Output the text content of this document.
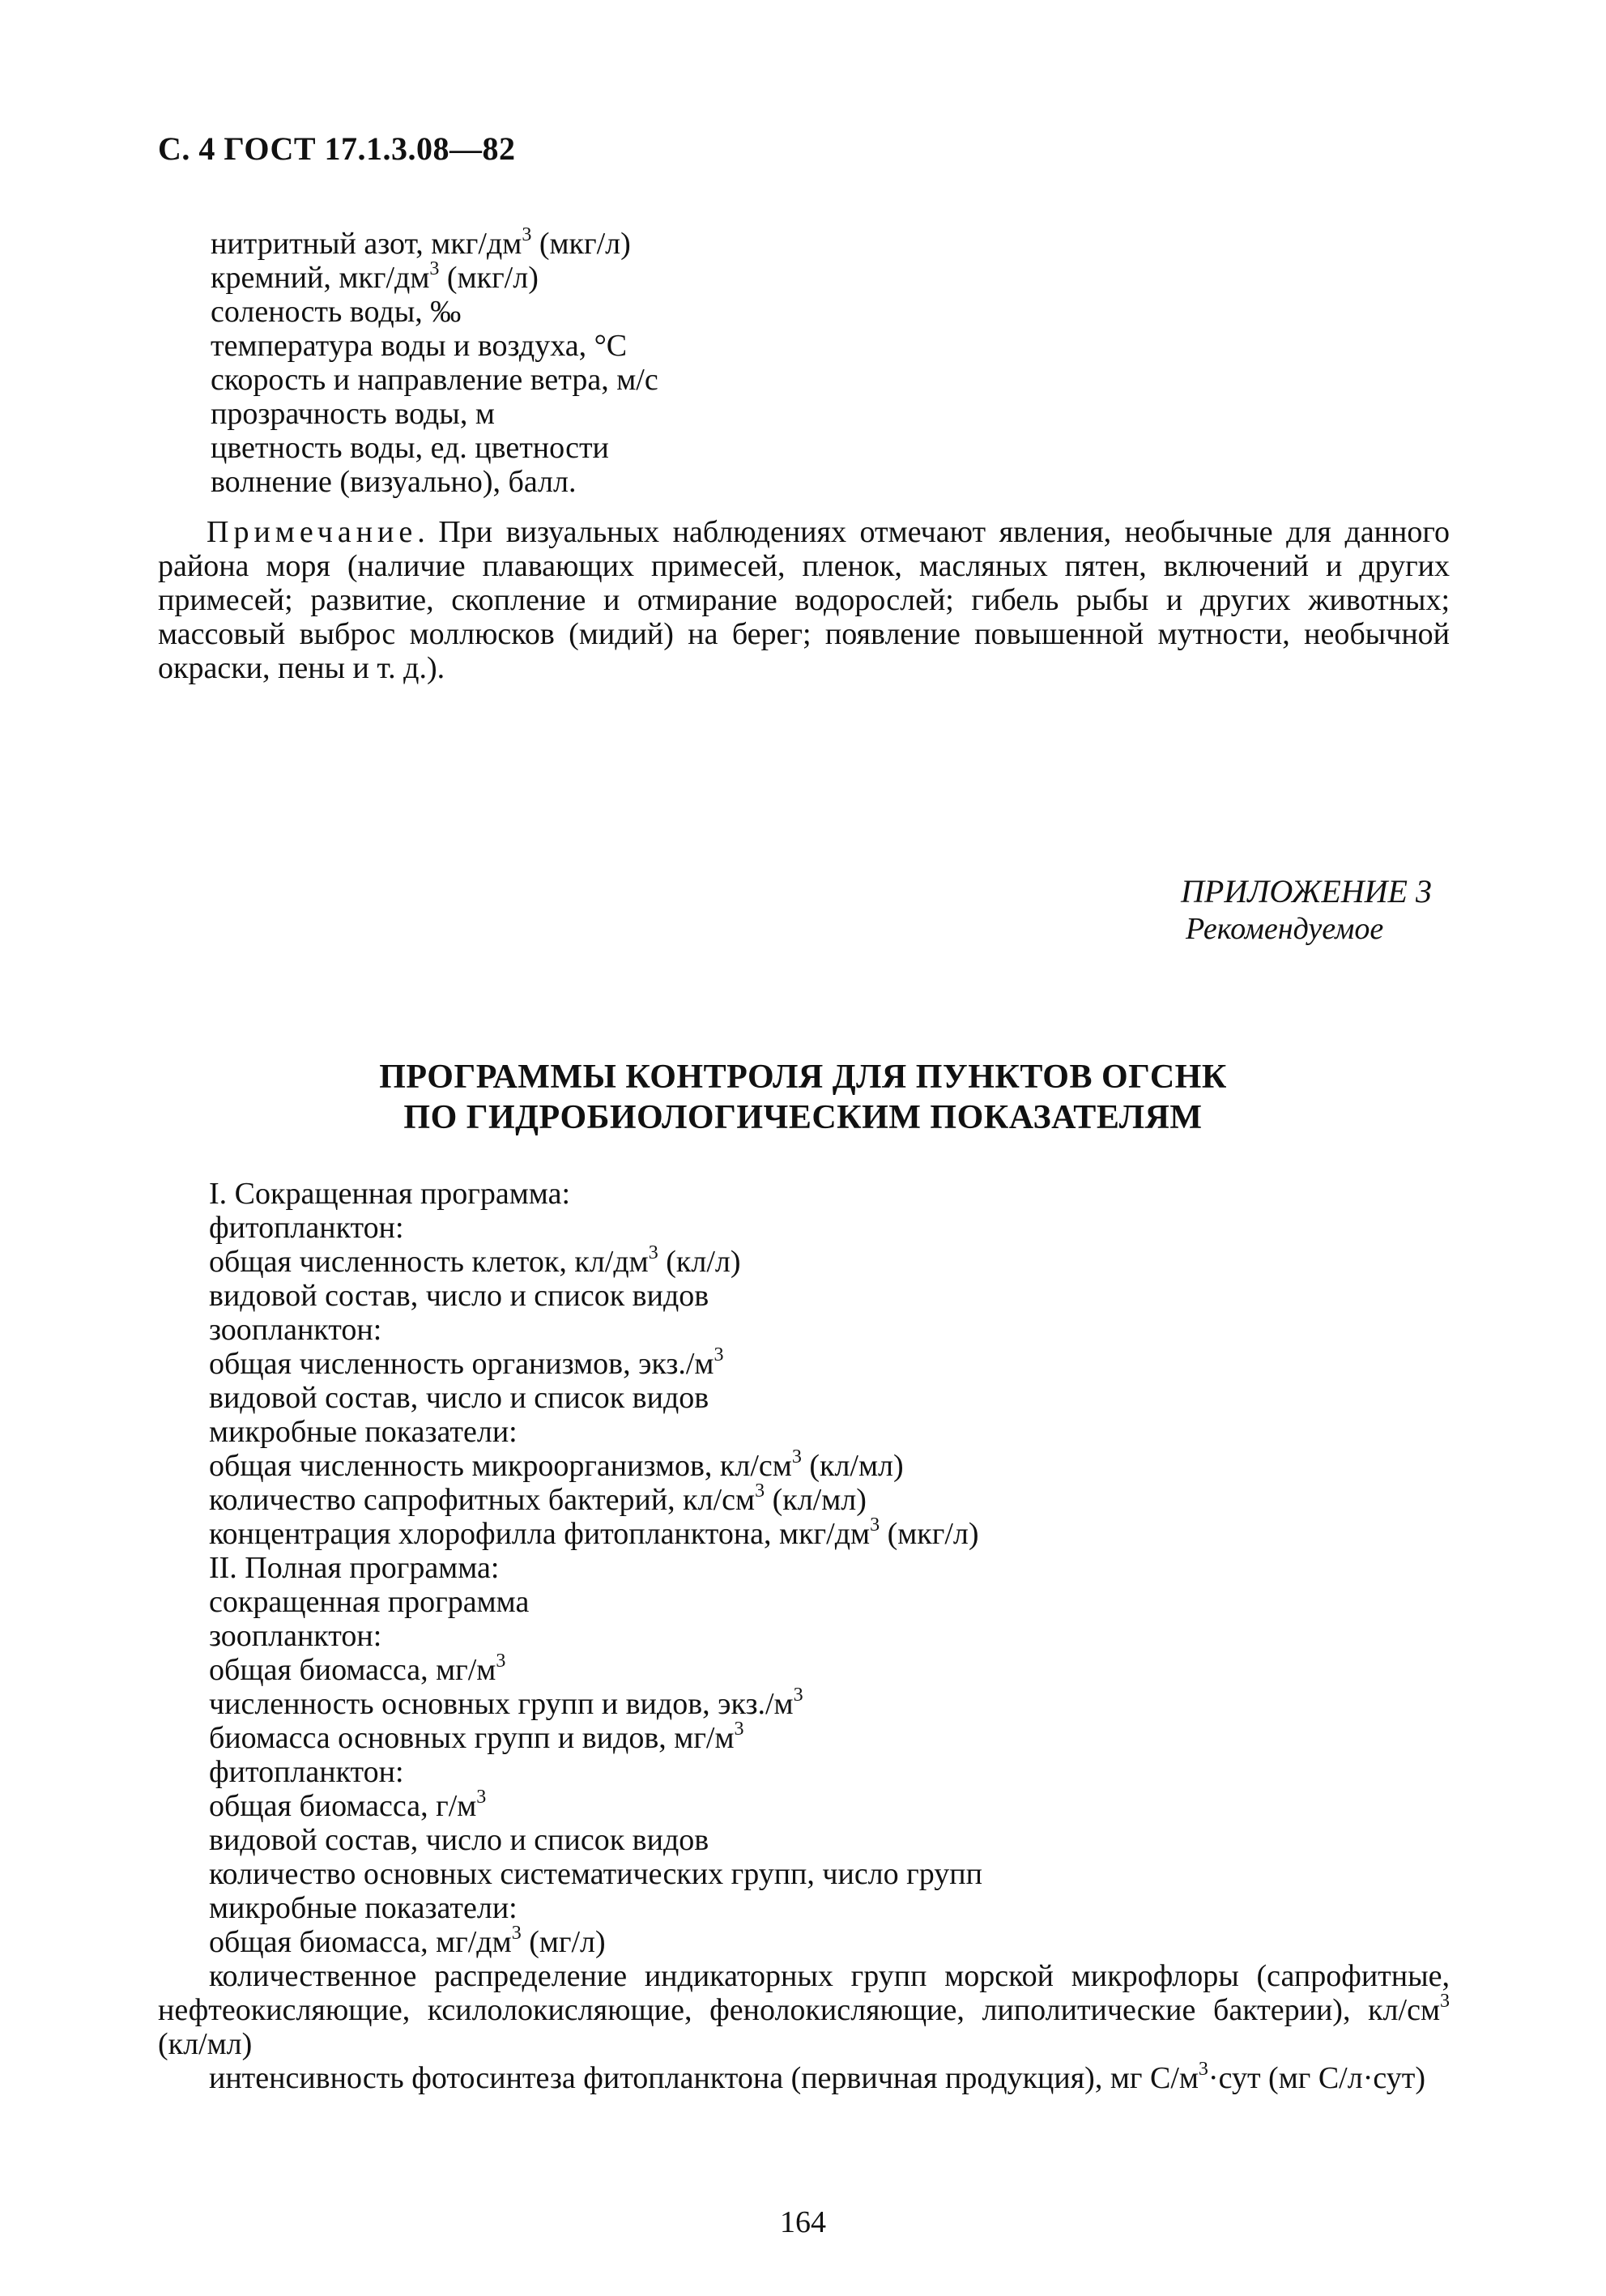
С. 4 ГОСТ 17.1.3.08—82
нитритный азот, мкг/$дм^3$ (мкг/л)
кремний, мкг/$дм^3$ (мкг/л)
соленость воды, ‰
температура воды и воздуха, °С
скорость и направление ветра, м/с
прозрачность воды, м
цветность воды, ед. цветности
волнение (визуально), балл.

Примечание. При визуальных наблюдениях отмечают явления, необычные для данного района моря (наличие плавающих примесей, пленок, масляных пятен, включений и других примесей; развитие, скопление и отмирание водорослей; гибель рыбы и других животных; массовый выброс моллюсков (мидий) на берег; появление повышенной мутности, необычной окраски, пены и т. д.).

ПРИЛОЖЕНИЕ 3
Рекомендуемое
ПРОГРАММЫ КОНТРОЛЯ ДЛЯ ПУНКТОВ ОГСНК
ПО ГИДРОБИОЛОГИЧЕСКИМ ПОКАЗАТЕЛЯМ
I. Сокращенная программа:
фитопланктон:
общая численность клеток, $кл/дм^3$ (кл/л)
видовой состав, число и список видов
зоопланктон:
общая численность организмов, $экз./м^3$
видовой состав, число и список видов
микробные показатели:
общая численность микроорганизмов, $кл/см^3$ (кл/мл)
количество сапрофитных бактерий, $кл/см^3$ (кл/мл)
концентрация хлорофилла фитопланктона, мкг/$дм^3$ (мкг/л)
II. Полная программа:
сокращенная программа
зоопланктон:
общая биомасса, $мг/м^3$
численность основных групп и видов, $экз./м^3$
биомасса основных групп и видов, $мг/м^3$
фитопланктон:
общая биомасса, $г/м^3$
видовой состав, число и список видов
количество основных систематических групп, число групп
микробные показатели:
общая биомасса, $мг/дм^3$ (мг/л)

количественное распределение индикаторных групп морской микрофлоры (сапрофитные, нефтеокисляющие, ксилолокисляющие, фенолокисляющие, липолитические бактерии), $кл/см^3$ (кл/мл)

интенсивность фотосинтеза фитопланктона (первичная продукция), мг $С/м^3\cdot сут$ (мг С/л·сут)

164
